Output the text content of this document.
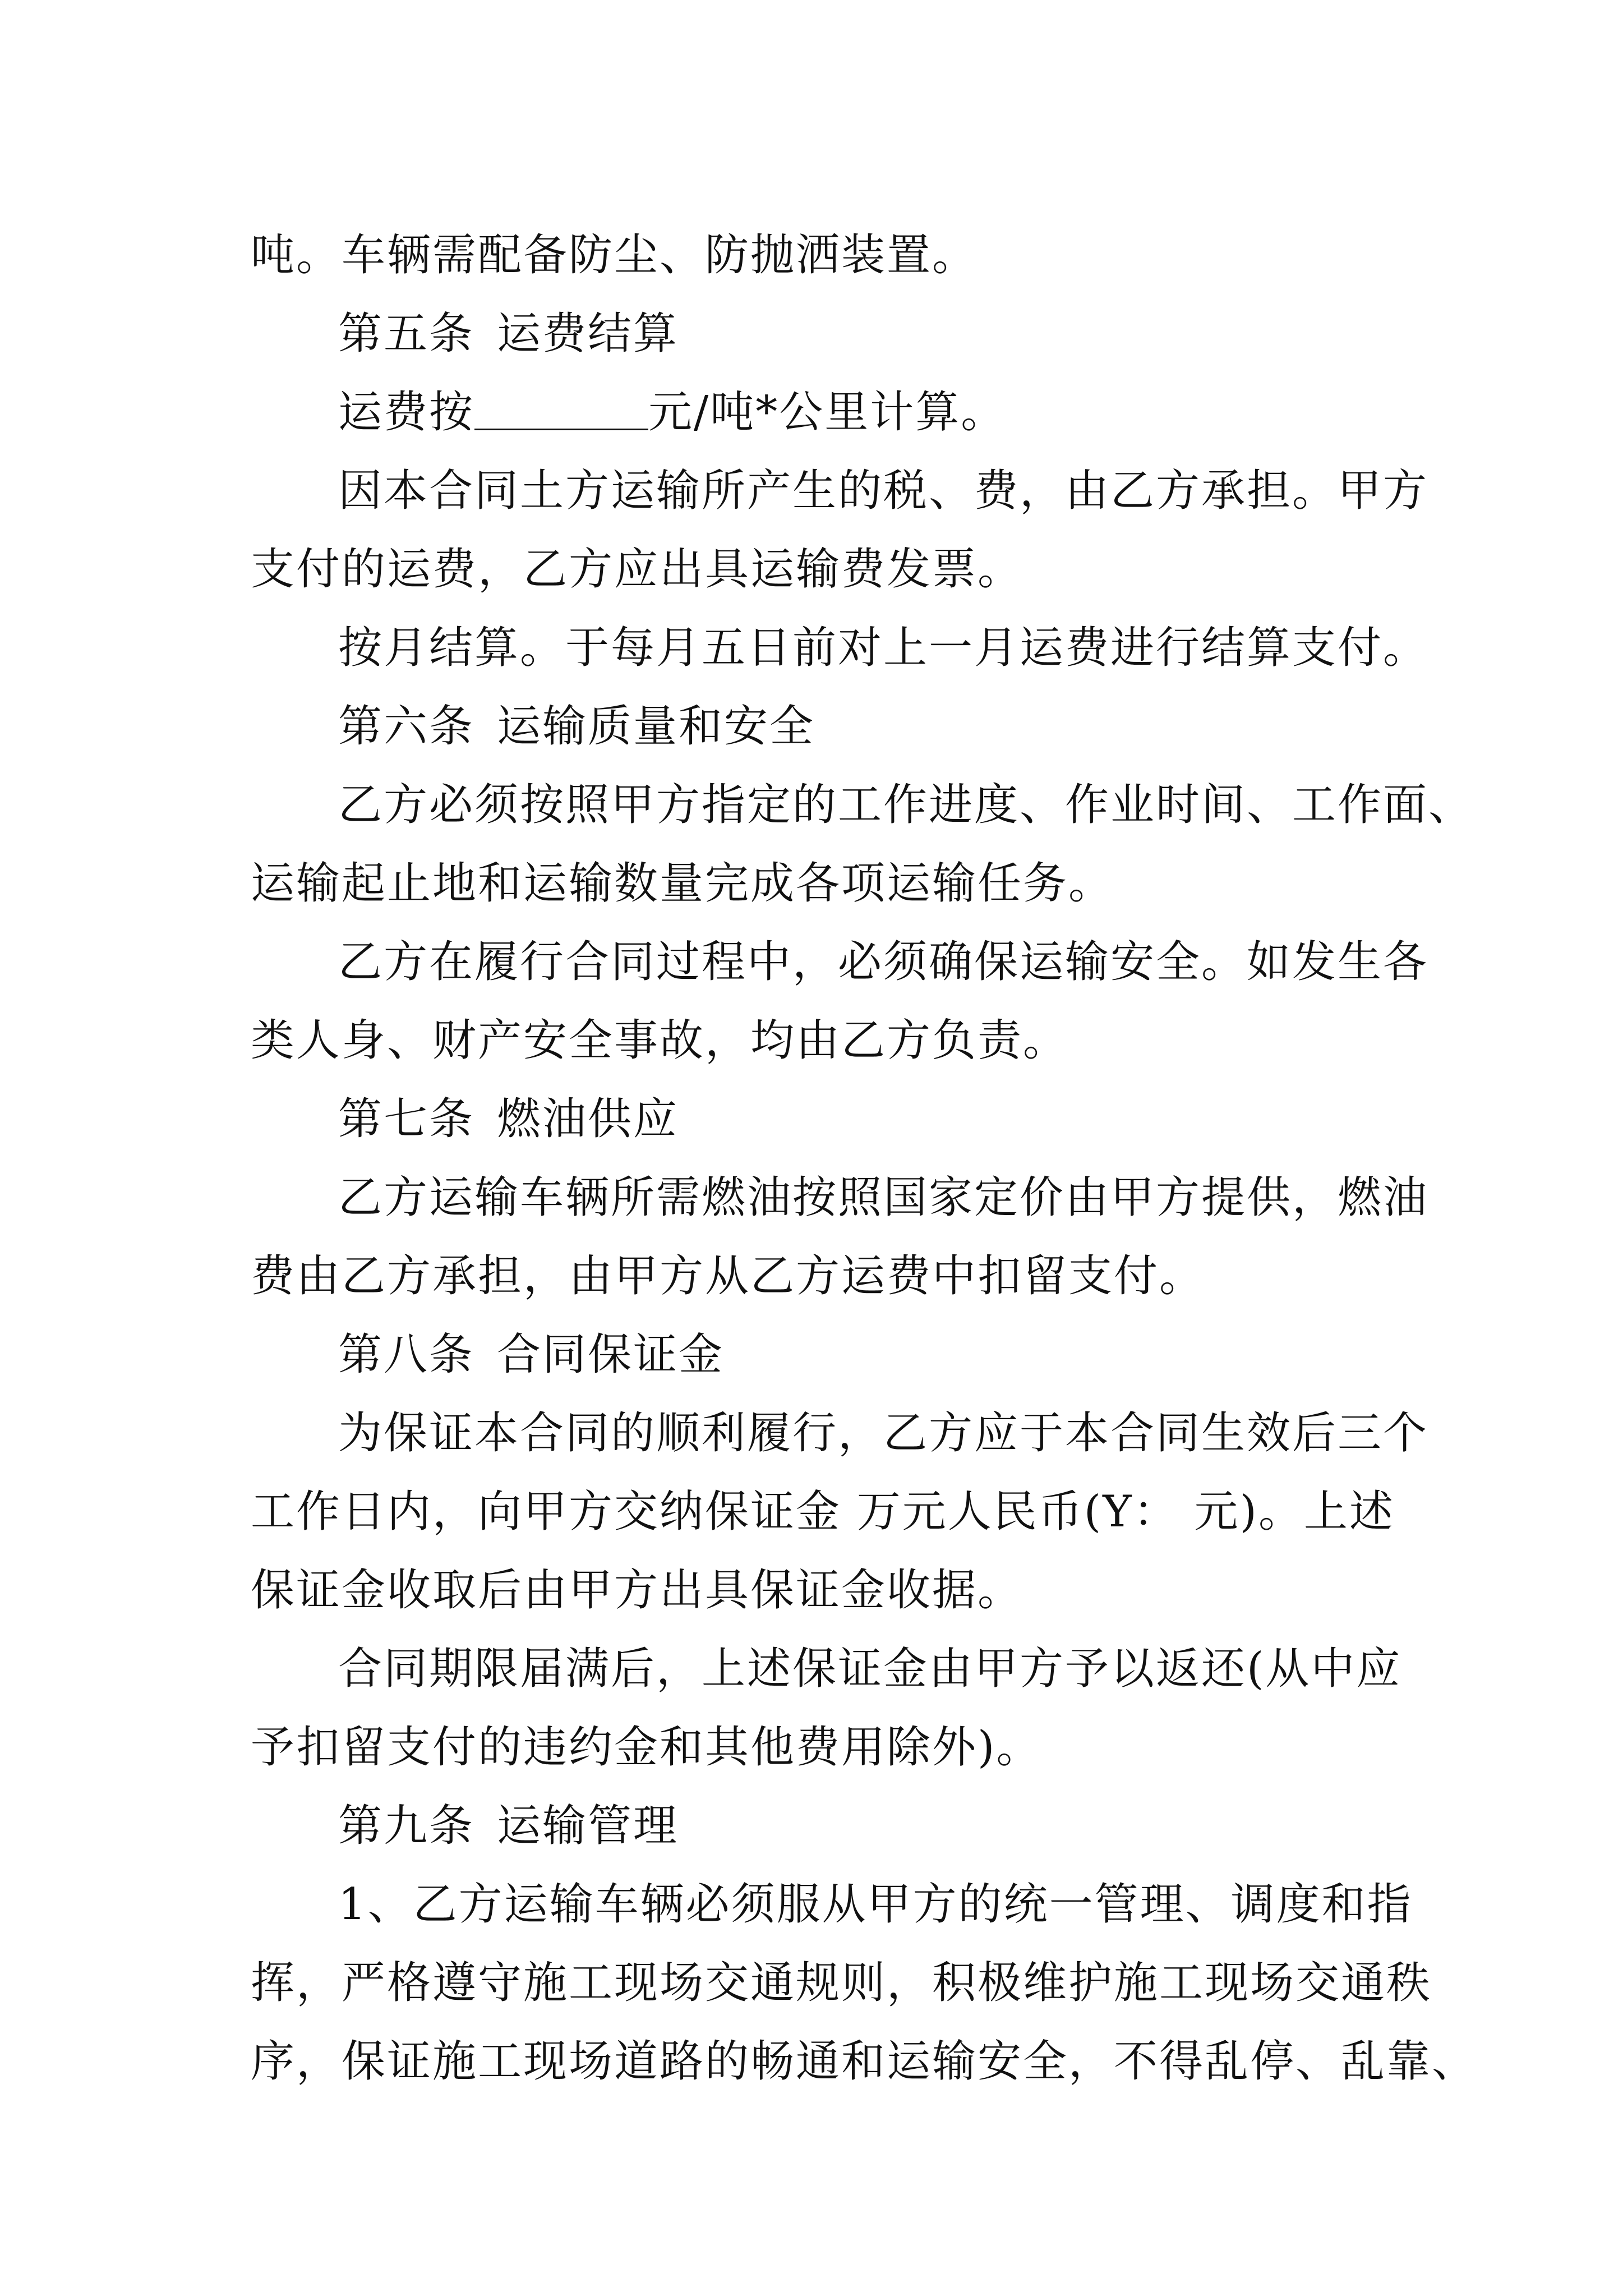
吨。车辆需配备防尘、防抛洒装置。
第五条 运费结算
运费按	元/吨*公里计算。
因本合同土方运输所产生的税、费，由乙方承担。甲方
支付的运费，乙方应出具运输费发票。
按月结算。于每月五日前对上一月运费进行结算支付。
第六条 运输质量和安全
乙方必须按照甲方指定的工作进度、作业时间、工作面、
运输起止地和运输数量完成各项运输任务。
乙方在履行合同过程中，必须确保运输安全。如发生各
类人身、财产安全事故，均由乙方负责。
第七条 燃油供应
乙方运输车辆所需燃油按照国家定价由甲方提供，燃油
费由乙方承担，由甲方从乙方运费中扣留支付。
第八条 合同保证金
为保证本合同的顺利履行，乙方应于本合同生效后三个
工作日内，向甲方交纳保证金 万元人民币(Y： 元)。上述
保证金收取后由甲方出具保证金收据。
合同期限届满后，上述保证金由甲方予以返还(从中应
予扣留支付的违约金和其他费用除外)。
第九条 运输管理
1、乙方运输车辆必须服从甲方的统一管理、调度和指
挥，严格遵守施工现场交通规则，积极维护施工现场交通秩
序，保证施工现场道路的畅通和运输安全，不得乱停、乱靠、
